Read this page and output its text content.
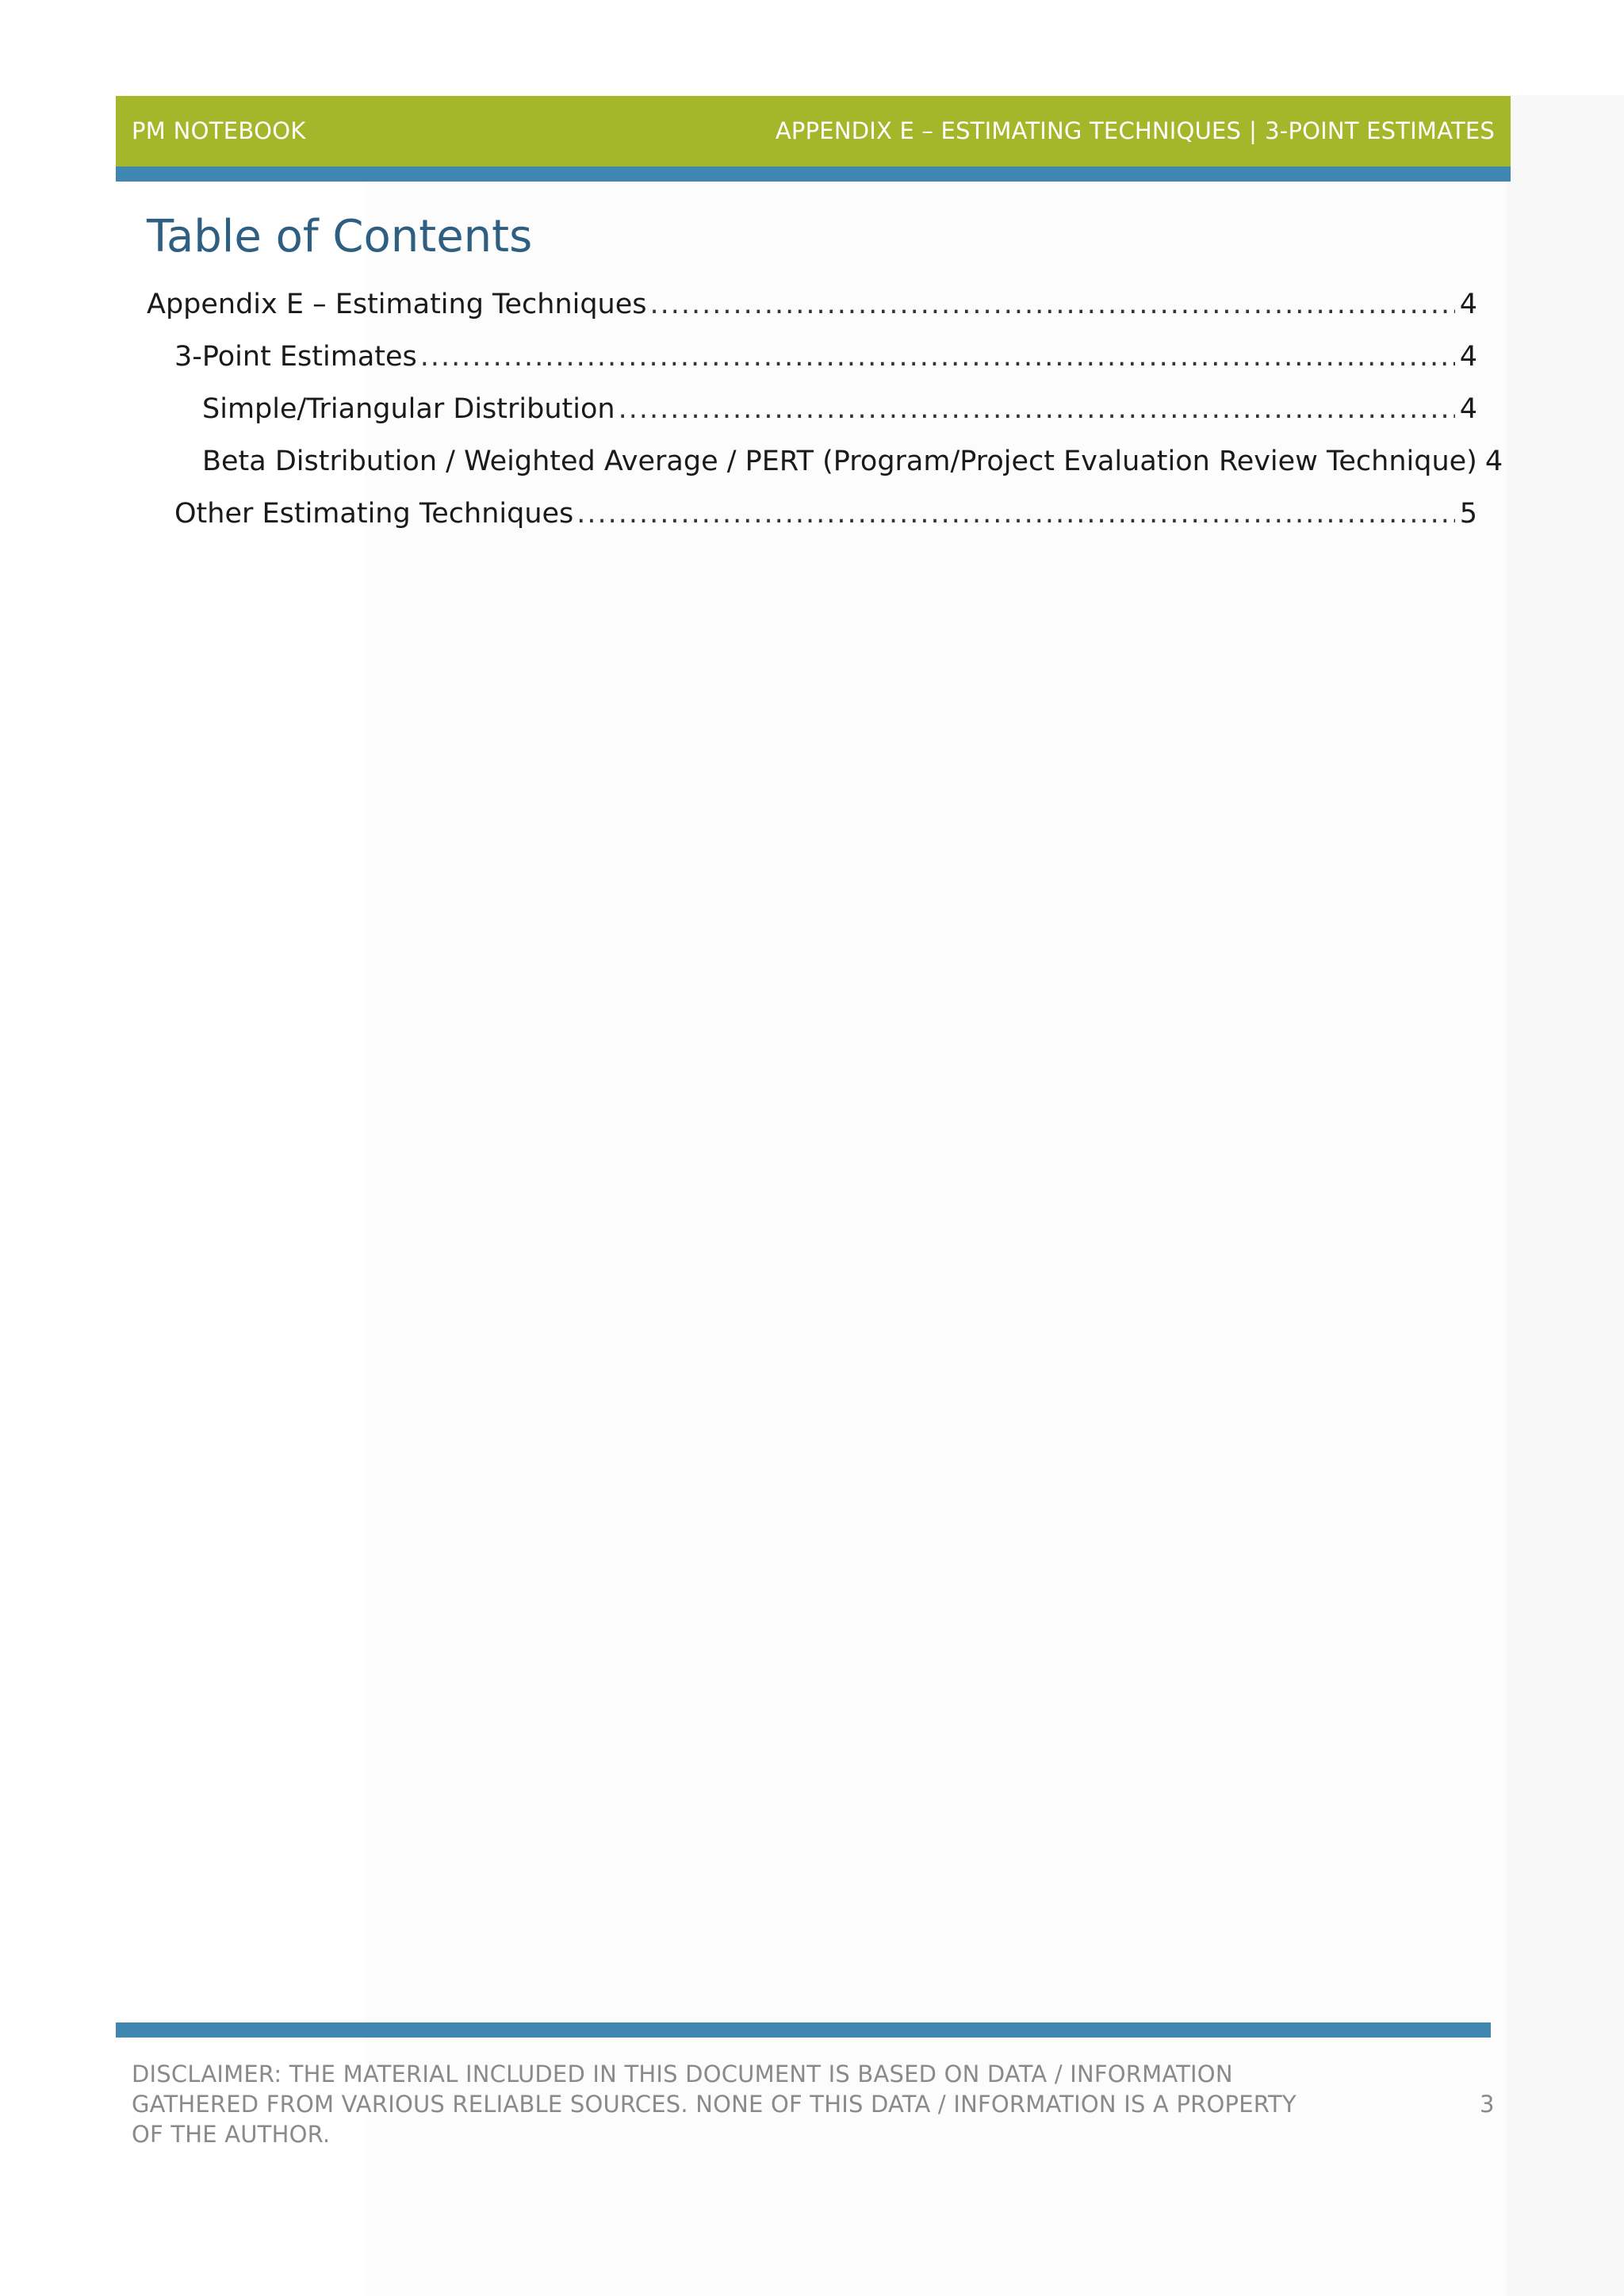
PM NOTEBOOK	APPENDIX E – ESTIMATING TECHNIQUES | 3-POINT ESTIMATES
Table of Contents
Appendix E – Estimating Techniques .....	4
3-Point Estimates .....	4
Simple/Triangular Distribution .....	4
Beta Distribution / Weighted Average / PERT (Program/Project Evaluation Review Technique) 4
Other Estimating Techniques .....	5
DISCLAIMER: THE MATERIAL INCLUDED IN THIS DOCUMENT IS BASED ON DATA / INFORMATION
GATHERED FROM VARIOUS RELIABLE SOURCES. NONE OF THIS DATA / INFORMATION IS A PROPERTY
OF THE AUTHOR.
3
